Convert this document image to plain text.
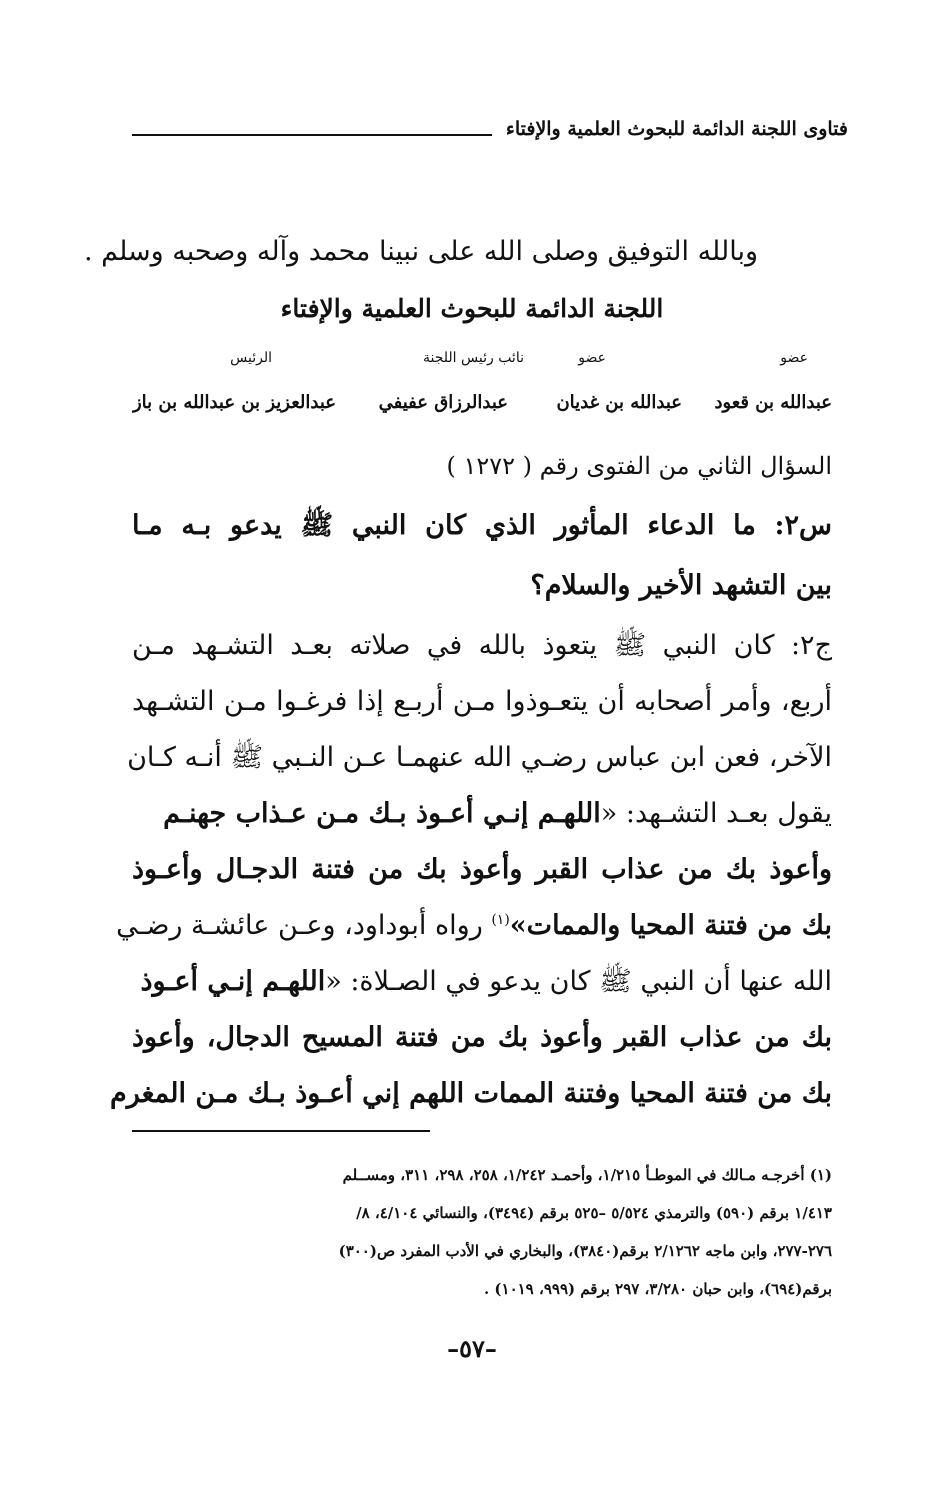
فتاوى اللجنة الدائمة للبحوث العلمية والإفتاء
وبالله التوفيق وصلى الله على نبينا محمد وآله وصحبه وسلم .
اللجنة الدائمة للبحوث العلمية والإفتاء
عضو
عضو
نائب رئيس اللجنة
الرئيس
عبدالله بن قعود
عبدالله بن غديان
عبدالرزاق عفيفي
عبدالعزيز بن عبدالله بن باز
السؤال الثاني من الفتوى رقم ( ١٢٧٢ )
س٢: ما الدعاء المأثور الذي كان النبي ﷺ يدعو بـه مـا
بين التشهد الأخير والسلام؟
ج٢: كان النبي ﷺ يتعوذ بالله في صلاته بعـد التشـهد مـن
أربع، وأمر أصحابه أن يتعـوذوا مـن أربـع إذا فرغـوا مـن التشـهد
الآخر، فعن ابن عباس رضـي الله عنهمـا عـن النـبي ﷺ أنـه كـان
يقول بعـد التشـهد: «اللهـم إنـي أعـوذ بـك مـن عـذاب جهنـم
وأعوذ بك من عذاب القبر وأعوذ بك من فتنة الدجـال وأعـوذ
بك من فتنة المحيا والممات»$^{(١)}$ رواه أبوداود، وعـن عائشـة رضـي
الله عنها أن النبي ﷺ كان يدعو في الصـلاة: «اللهـم إنـي أعـوذ
بك من عذاب القبر وأعوذ بك من فتنة المسيح الدجال، وأعوذ
بك من فتنة المحيا وفتنة الممات اللهم إني أعـوذ بـك مـن المغرم
(١) أخرجـه مـالك في الموطـأ ١/٢١٥، وأحمـد ١/٢٤٢، ٢٥٨، ٢٩٨، ٣١١، ومســلم
١/٤١٣ برقم (٥٩٠) والترمذي ٥/٥٢٤ –٥٢٥ برقم (٣٤٩٤)، والنسائي ٤/١٠٤، ٨/
٢٧٦-٢٧٧، وابن ماجه ٢/١٢٦٢ برقم(٣٨٤٠)، والبخاري في الأدب المفرد ص(٣٠٠)
برقم(٦٩٤)، وابن حبان ٣/٢٨٠، ٢٩٧ برقم (٩٩٩، ١٠١٩) .
–٥٧–
